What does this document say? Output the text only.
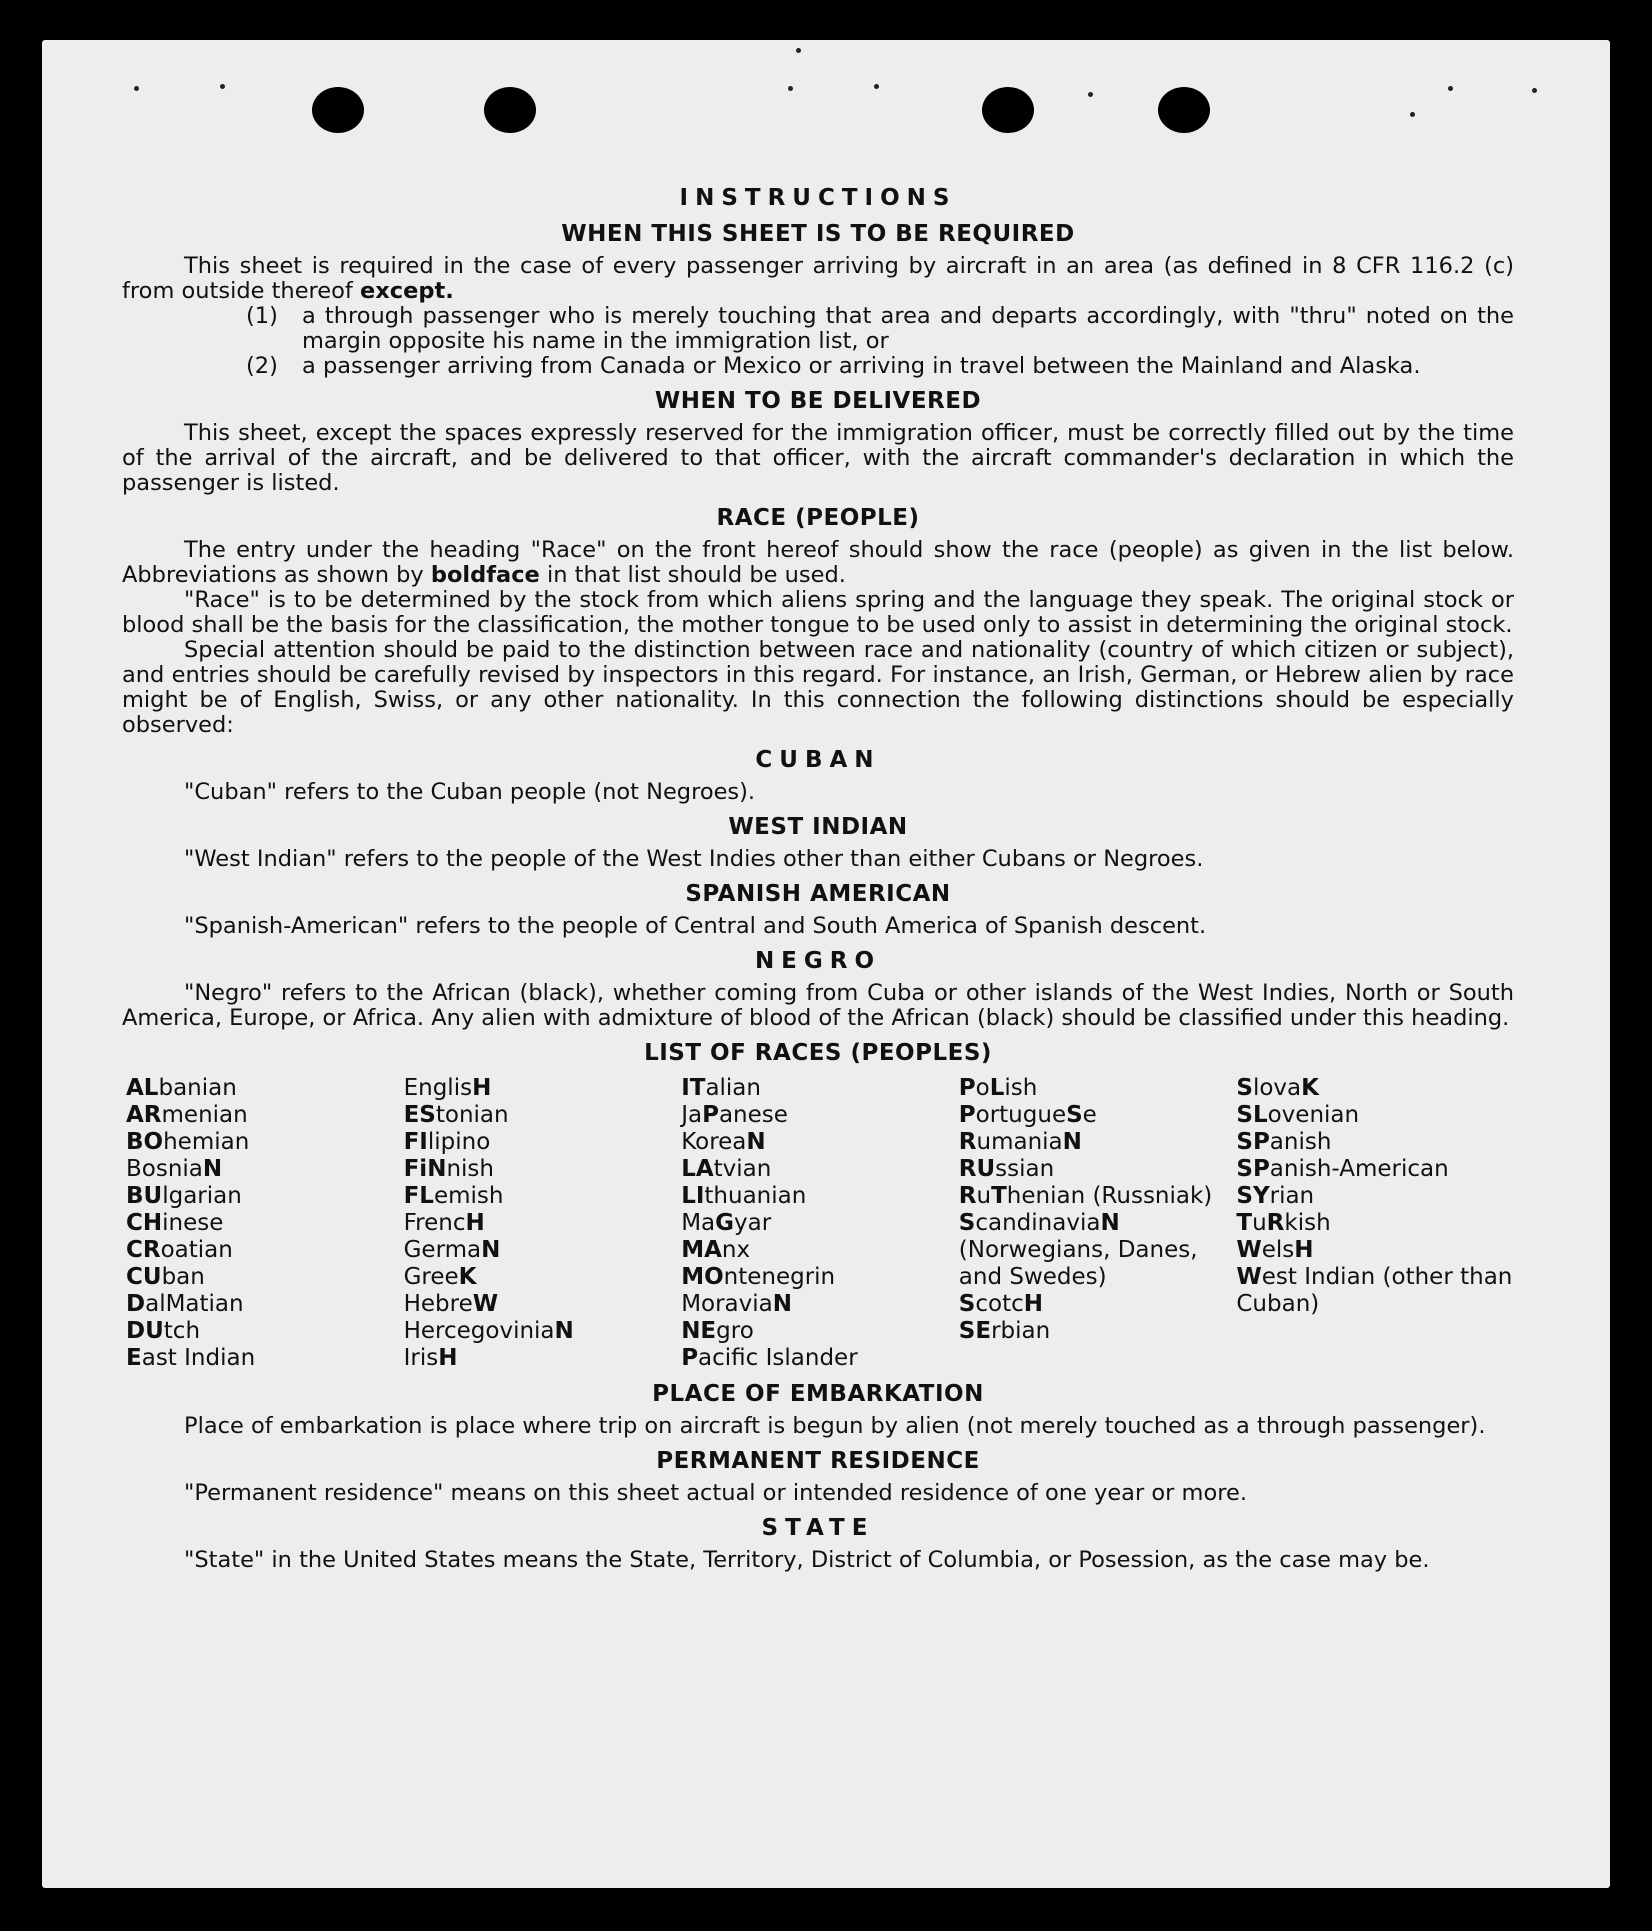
INSTRUCTIONS
WHEN THIS SHEET IS TO BE REQUIRED

This sheet is required in the case of every passenger arriving by aircraft in an area (as defined in 8 CFR 116.2 (c) from outside thereof except.

(1)	a through passenger who is merely touching that area and departs accordingly, with "thru" noted on the margin opposite his name in the immigration list, or
(2)	a passenger arriving from Canada or Mexico or arriving in travel between the Mainland and Alaska.
WHEN TO BE DELIVERED

This sheet, except the spaces expressly reserved for the immigration officer, must be correctly filled out by the time of the arrival of the aircraft, and be delivered to that officer, with the aircraft commander's declaration in which the passenger is listed.

RACE (PEOPLE)

The entry under the heading "Race" on the front hereof should show the race (people) as given in the list below. Abbreviations as shown by boldface in that list should be used.

"Race" is to be determined by the stock from which aliens spring and the language they speak. The original stock or blood shall be the basis for the classification, the mother tongue to be used only to assist in determining the original stock.

Special attention should be paid to the distinction between race and nationality (country of which citizen or subject), and entries should be carefully revised by inspectors in this regard. For instance, an Irish, German, or Hebrew alien by race might be of English, Swiss, or any other nationality. In this connection the following distinctions should be especially observed:

CUBAN

"Cuban" refers to the Cuban people (not Negroes).

WEST INDIAN

"West Indian" refers to the people of the West Indies other than either Cubans or Negroes.

SPANISH AMERICAN

"Spanish-American" refers to the people of Central and South America of Spanish descent.

NEGRO

"Negro" refers to the African (black), whether coming from Cuba or other islands of the West Indies, North or South America, Europe, or Africa. Any alien with admixture of blood of the African (black) should be classified under this heading.

LIST OF RACES (PEOPLES)
ALbanian
ARmenian
BOhemian
BosniaN
BUlgarian
CHinese
CRoatian
CUban
DalMatian
DUtch
East Indian
EnglisH
EStonian
FIlipino
FiNnish
FLemish
FrencH
GermaN
GreeK
HebreW
HercegoviniaN
IrisH
ITalian
JaPanese
KoreaN
LAtvian
LIthuanian
MaGyar
MAnx
MOntenegrin
MoraviaN
NEgro
Pacific Islander
PoLish
PortugueSe
RumaniaN
RUssian
RuThenian (Russniak)
ScandinaviaN (Norwegians, Danes, and Swedes)
ScotcH
SErbian
SlovaK
SLovenian
SPanish
SPanish-American
SYrian
TuRkish
WelsH
West Indian (other than Cuban)
PLACE OF EMBARKATION

Place of embarkation is place where trip on aircraft is begun by alien (not merely touched as a through passenger).

PERMANENT RESIDENCE

"Permanent residence" means on this sheet actual or intended residence of one year or more.

STATE

"State" in the United States means the State, Territory, District of Columbia, or Posession, as the case may be.
